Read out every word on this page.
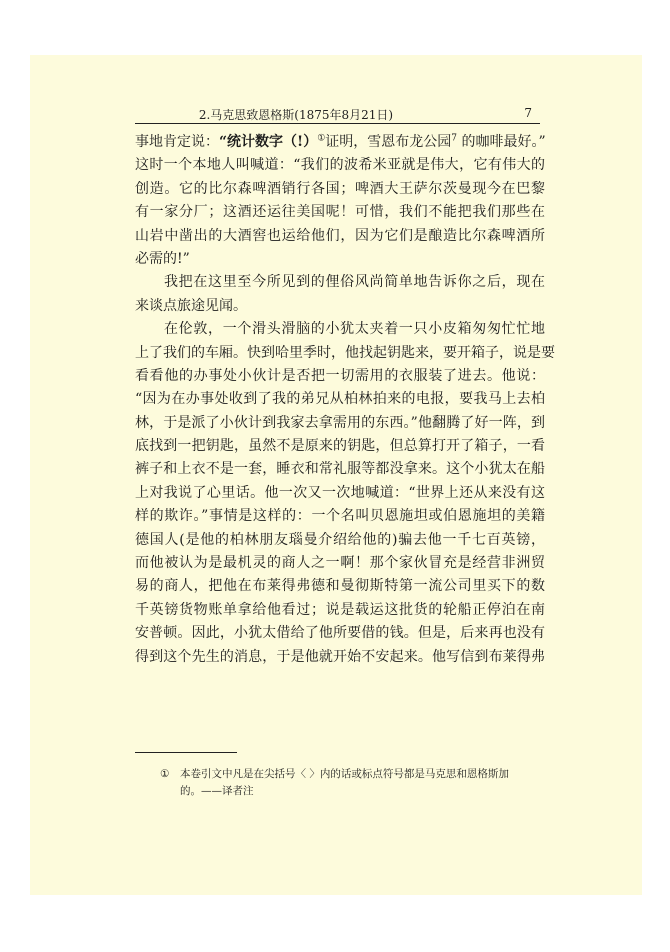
2.马克思致恩格斯(1875年8月21日)	7
事地肯定说：“统计数字（!）①证明，雪恩布龙公园$^7$ 的咖啡最好。”
这时一个本地人叫喊道：“我们的波希米亚就是伟大，它有伟大的
创造。它的比尔森啤酒销行各国；啤酒大王萨尔茨曼现今在巴黎
有一家分厂；这酒还运往美国呢！可惜，我们不能把我们那些在
山岩中凿出的大酒窖也运给他们，因为它们是酿造比尔森啤酒所
必需的!”
我把在这里至今所见到的俚俗风尚简单地告诉你之后，现在
来谈点旅途见闻。
在伦敦，一个滑头滑脑的小犹太夹着一只小皮箱匆匆忙忙地
上了我们的车厢。快到哈里季时，他找起钥匙来，要开箱子，说是要
看看他的办事处小伙计是否把一切需用的衣服装了进去。他说：
“因为在办事处收到了我的弟兄从柏林拍来的电报，要我马上去柏
林，于是派了小伙计到我家去拿需用的东西。”他翻腾了好一阵，到
底找到一把钥匙，虽然不是原来的钥匙，但总算打开了箱子，一看
裤子和上衣不是一套，睡衣和常礼服等都没拿来。这个小犹太在船
上对我说了心里话。他一次又一次地喊道：“世界上还从来没有这
样的欺诈。”事情是这样的：一个名叫贝恩施坦或伯恩施坦的美籍
德国人(是他的柏林朋友瑙曼介绍给他的)骗去他一千七百英镑，
而他被认为是最机灵的商人之一啊！那个家伙冒充是经营非洲贸
易的商人，把他在布莱得弗德和曼彻斯特第一流公司里买下的数
千英镑货物账单拿给他看过；说是载运这批货的轮船正停泊在南
安普顿。因此，小犹太借给了他所要借的钱。但是，后来再也没有
得到这个先生的消息，于是他就开始不安起来。他写信到布莱得弗
① 本卷引文中凡是在尖括号〈 〉内的话或标点符号都是马克思和恩格斯加
的。——译者注
